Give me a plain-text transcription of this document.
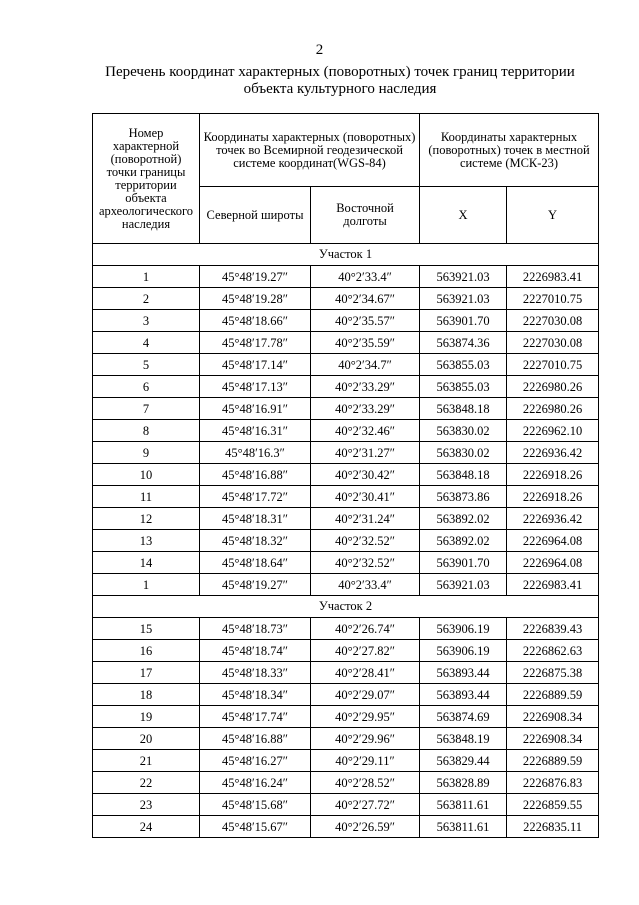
2
Перечень координат характерных (поворотных) точек границ территории
объекта культурного наследия
Номер характерной (поворотной) точки границы территории объекта археологического наследия	Координаты характерных (поворотных) точек во Всемирной геодезической системе координат(WGS-84)		Координаты характерных (поворотных) точек в местной системе (МСК-23)	
	Северной широты	Восточной долготы	X	Y
Участок 1				
1	45°48′19.27″	40°2′33.4″	563921.03	2226983.41
2	45°48′19.28″	40°2′34.67″	563921.03	2227010.75
3	45°48′18.66″	40°2′35.57″	563901.70	2227030.08
4	45°48′17.78″	40°2′35.59″	563874.36	2227030.08
5	45°48′17.14″	40°2′34.7″	563855.03	2227010.75
6	45°48′17.13″	40°2′33.29″	563855.03	2226980.26
7	45°48′16.91″	40°2′33.29″	563848.18	2226980.26
8	45°48′16.31″	40°2′32.46″	563830.02	2226962.10
9	45°48′16.3″	40°2′31.27″	563830.02	2226936.42
10	45°48′16.88″	40°2′30.42″	563848.18	2226918.26
11	45°48′17.72″	40°2′30.41″	563873.86	2226918.26
12	45°48′18.31″	40°2′31.24″	563892.02	2226936.42
13	45°48′18.32″	40°2′32.52″	563892.02	2226964.08
14	45°48′18.64″	40°2′32.52″	563901.70	2226964.08
1	45°48′19.27″	40°2′33.4″	563921.03	2226983.41
Участок 2				
15	45°48′18.73″	40°2′26.74″	563906.19	2226839.43
16	45°48′18.74″	40°2′27.82″	563906.19	2226862.63
17	45°48′18.33″	40°2′28.41″	563893.44	2226875.38
18	45°48′18.34″	40°2′29.07″	563893.44	2226889.59
19	45°48′17.74″	40°2′29.95″	563874.69	2226908.34
20	45°48′16.88″	40°2′29.96″	563848.19	2226908.34
21	45°48′16.27″	40°2′29.11″	563829.44	2226889.59
22	45°48′16.24″	40°2′28.52″	563828.89	2226876.83
23	45°48′15.68″	40°2′27.72″	563811.61	2226859.55
24	45°48′15.67″	40°2′26.59″	563811.61	2226835.11
